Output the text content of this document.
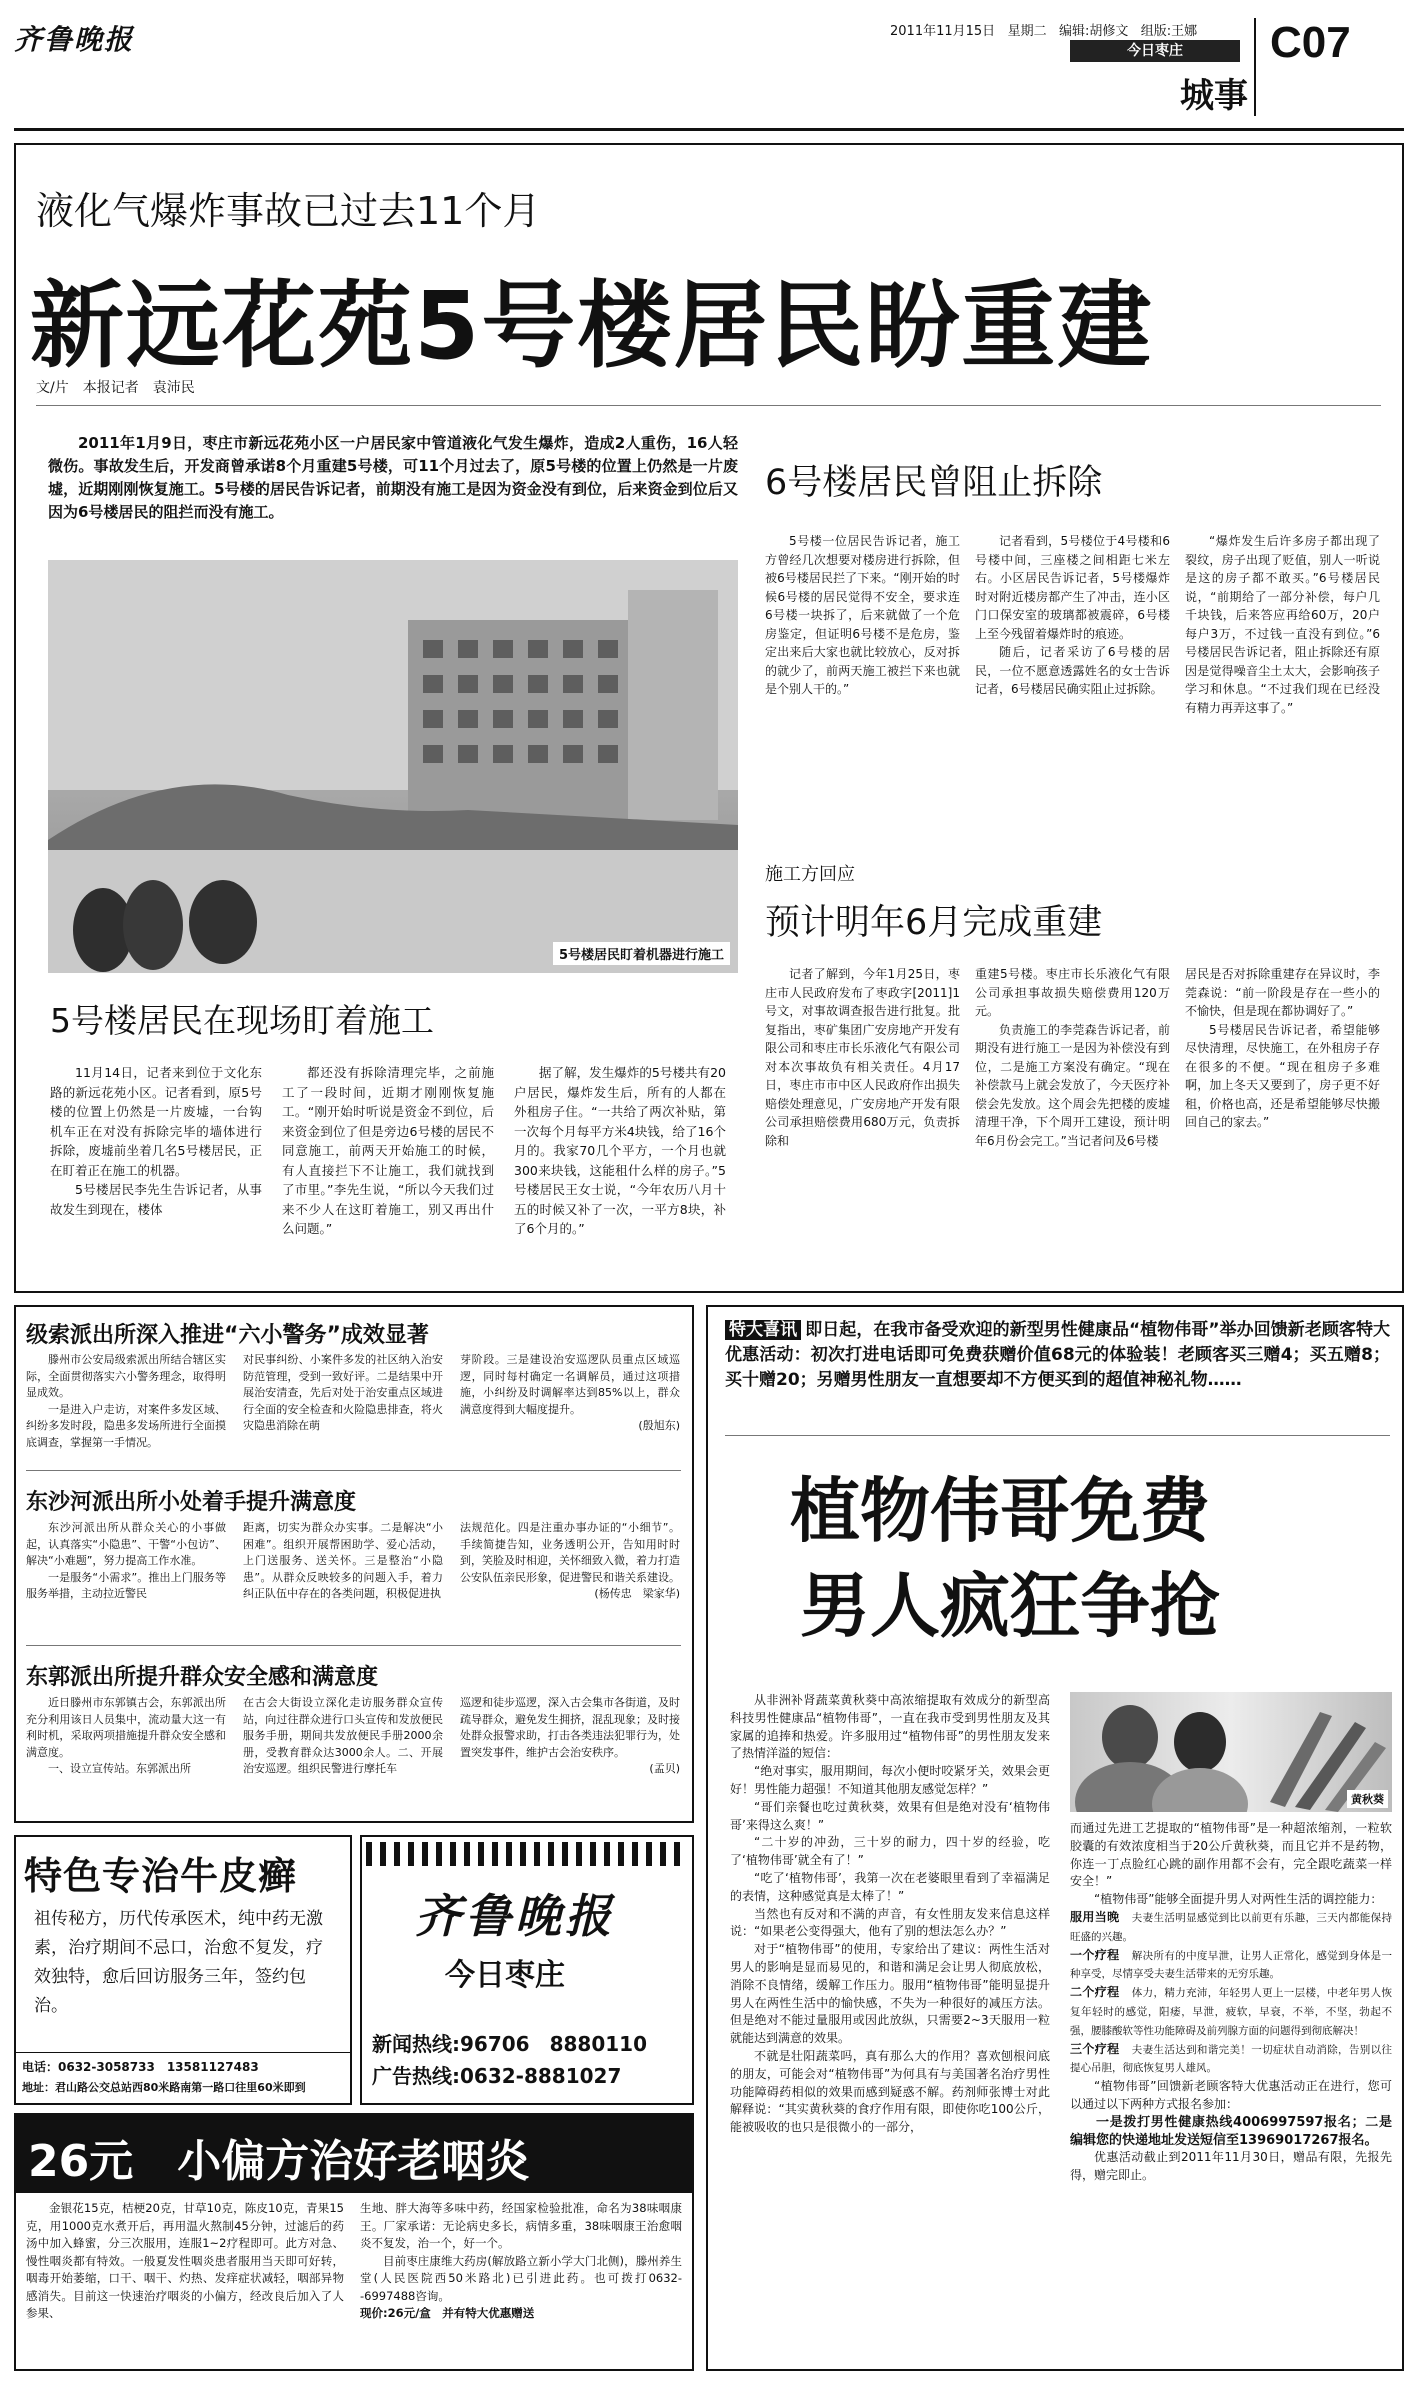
齐鲁晚报	2011年11月15日 星期二 编辑:胡修文 组版:王娜
今日枣庄
城事
C07
液化气爆炸事故已过去11个月
新远花苑5号楼居民盼重建
文/片　本报记者　袁沛民

2011年1月9日，枣庄市新远花苑小区一户居民家中管道液化气发生爆炸，造成2人重伤，16人轻微伤。事故发生后，开发商曾承诺8个月重建5号楼，可11个月过去了，原5号楼的位置上仍然是一片废墟，近期刚刚恢复施工。5号楼的居民告诉记者，前期没有施工是因为资金没有到位，后来资金到位后又因为6号楼居民的阻拦而没有施工。

5号楼居民盯着机器进行施工
5号楼居民在现场盯着施工

11月14日，记者来到位于文化东路的新远花苑小区。记者看到，原5号楼的位置上仍然是一片废墟，一台钩机车正在对没有拆除完毕的墙体进行拆除，废墟前坐着几名5号楼居民，正在盯着正在施工的机器。

5号楼居民李先生告诉记者，从事故发生到现在，楼体

都还没有拆除清理完毕，之前施工了一段时间，近期才刚刚恢复施工。“刚开始时听说是资金不到位，后来资金到位了但是旁边6号楼的居民不同意施工，前两天开始施工的时候，有人直接拦下不让施工，我们就找到了市里。”李先生说，“所以今天我们过来不少人在这盯着施工，别又再出什么问题。”

据了解，发生爆炸的5号楼共有20户居民，爆炸发生后，所有的人都在外租房子住。“一共给了两次补贴，第一次每个月每平方米4块钱，给了16个月的。我家70几个平方，一个月也就300来块钱，这能租什么样的房子。”5号楼居民王女士说，“今年农历八月十五的时候又补了一次，一平方8块，补了6个月的。”

6号楼居民曾阻止拆除

5号楼一位居民告诉记者，施工方曾经几次想要对楼房进行拆除，但被6号楼居民拦了下来。“刚开始的时候6号楼的居民觉得不安全，要求连6号楼一块拆了，后来就做了一个危房鉴定，但证明6号楼不是危房，鉴定出来后大家也就比较放心，反对拆的就少了，前两天施工被拦下来也就是个别人干的。”

记者看到，5号楼位于4号楼和6号楼中间，三座楼之间相距七米左右。小区居民告诉记者，5号楼爆炸时对附近楼房都产生了冲击，连小区门口保安室的玻璃都被震碎，6号楼上至今残留着爆炸时的痕迹。

随后，记者采访了6号楼的居民，一位不愿意透露姓名的女士告诉记者，6号楼居民确实阻止过拆除。

“爆炸发生后许多房子都出现了裂纹，房子出现了贬值，别人一听说是这的房子都不敢买。”6号楼居民说，“前期给了一部分补偿，每户几千块钱，后来答应再给60万，20户每户3万，不过钱一直没有到位。”6号楼居民告诉记者，阻止拆除还有原因是觉得噪音尘土太大，会影响孩子学习和休息。“不过我们现在已经没有精力再弄这事了。”

施工方回应
预计明年6月完成重建

记者了解到，今年1月25日，枣庄市人民政府发布了枣政字[2011]1号文，对事故调查报告进行批复。批复指出，枣矿集团广安房地产开发有限公司和枣庄市长乐液化气有限公司对本次事故负有相关责任。4月17日，枣庄市市中区人民政府作出损失赔偿处理意见，广安房地产开发有限公司承担赔偿费用680万元，负责拆除和

重建5号楼。枣庄市长乐液化气有限公司承担事故损失赔偿费用120万元。

负责施工的李莞森告诉记者，前期没有进行施工一是因为补偿没有到位，二是施工方案没有确定。“现在补偿款马上就会发放了，今天医疗补偿会先发放。这个周会先把楼的废墟清理干净，下个周开工建设，预计明年6月份会完工。”当记者问及6号楼

居民是否对拆除重建存在异议时，李莞森说：“前一阶段是存在一些小的不愉快，但是现在都协调好了。”

5号楼居民告诉记者，希望能够尽快清理，尽快施工，在外租房子存在很多的不便。“现在租房子多难啊，加上冬天又要到了，房子更不好租，价格也高，还是希望能够尽快搬回自己的家去。”

级索派出所深入推进“六小警务”成效显著

滕州市公安局级索派出所结合辖区实际，全面贯彻落实六小警务理念，取得明显成效。

一是进入户走访，对案件多发区域、纠纷多发时段，隐患多发场所进行全面摸底调查，掌握第一手情况。

对民事纠纷、小案件多发的社区纳入治安防范管理，受到一致好评。二是结果中开展治安清查，先后对处于治安重点区域进行全面的安全检查和火险隐患排查，将火灾隐患消除在萌

芽阶段。三是建设治安巡逻队员重点区域巡逻，同时每村确定一名调解员，通过这项措施，小纠纷及时调解率达到85%以上，群众满意度得到大幅度提升。

(殷旭东)
东沙河派出所小处着手提升满意度

东沙河派出所从群众关心的小事做起，认真落实“小隐患”、干警“小包访”、解决“小难题”，努力提高工作水准。

一是服务“小需求”。推出上门服务等服务举措，主动拉近警民

距离，切实为群众办实事。二是解决“小困难”。组织开展帮困助学、爱心活动，上门送服务、送关怀。三是整治“小隐患”。从群众反映较多的问题入手，着力纠正队伍中存在的各类问题，积极促进执

法规范化。四是注重办事办证的“小细节”。手续简捷告知，业务透明公开，告知用时时到，笑脸及时相迎，关怀细致入微，着力打造公安队伍亲民形象，促进警民和谐关系建设。

(杨传忠　梁家华)
东郭派出所提升群众安全感和满意度

近日滕州市东郭镇古会，东郭派出所充分利用该日人员集中，流动量大这一有利时机，采取两项措施提升群众安全感和满意度。

一、设立宣传站。东郭派出所

在古会大街设立深化走访服务群众宣传站，向过往群众进行口头宣传和发放便民服务手册，期间共发放便民手册2000余册，受教育群众达3000余人。二、开展治安巡逻。组织民警进行摩托车

巡逻和徒步巡逻，深入古会集市各街道，及时疏导群众，避免发生拥挤，混乱现象；及时接处群众报警求助，打击各类违法犯罪行为，处置突发事件，维护古会治安秩序。

(孟贝)
特色专治牛皮癣
祖传秘方，历代传承医术，纯中药无激素，治疗期间不忌口，治愈不复发，疗效独特，愈后回访服务三年，签约包治。
电话：0632-3058733　13581127483
地址：君山路公交总站西80米路南第一路口往里60米即到
齐鲁晚报
今日枣庄
新闻热线:96706　8880110
广告热线:0632-8881027
26元　小偏方治好老咽炎

金银花15克，桔梗20克，甘草10克，陈皮10克，青果15克，用1000克水煮开后，再用温火熬制45分钟，过滤后的药汤中加入蜂蜜，分三次服用，连服1~2疗程即可。此方对急、慢性咽炎都有特效。一般夏发性咽炎患者服用当天即可好转，咽毒开始萎缩，口干、咽干、灼热、发痒症状减轻，咽部异物感消失。目前这一快速治疗咽炎的小偏方，经改良后加入了人参果、

生地、胖大海等多味中药，经国家检验批准，命名为38味咽康王。厂家承诺：无论病史多长，病情多重，38味咽康王治愈咽炎不复发，治一个，好一个。

目前枣庄康维大药房(解放路立新小学大门北侧)，滕州养生堂(人民医院西50米路北)已引进此药。也可拨打0632--6997488咨询。

现价:26元/盒　并有特大优惠赠送
特大喜讯 即日起，在我市备受欢迎的新型男性健康品“植物伟哥”举办回馈新老顾客特大优惠活动：初次打进电话即可免费获赠价值68元的体验装！老顾客买三赠4；买五赠8；买十赠20；另赠男性朋友一直想要却不方便买到的超值神秘礼物……
植物伟哥免费
男人疯狂争抢

从非洲补肾蔬菜黄秋葵中高浓缩提取有效成分的新型高科技男性健康品“植物伟哥”，一直在我市受到男性朋友及其家属的追捧和热爱。许多服用过“植物伟哥”的男性朋友发来了热情洋溢的短信：

“绝对事实，服用期间，每次小便时咬紧牙关，效果会更好！男性能力超强！不知道其他朋友感觉怎样？”

“哥们亲餐也吃过黄秋葵，效果有但是绝对没有‘植物伟哥’来得这么爽！”

“二十岁的冲劲，三十岁的耐力，四十岁的经验，吃了‘植物伟哥’就全有了！”

“吃了‘植物伟哥’，我第一次在老婆眼里看到了幸福满足的表情，这种感觉真是太棒了！”

当然也有反对和不满的声音，有女性朋友发来信息这样说：“如果老公变得强大，他有了别的想法怎么办？”

对于“植物伟哥”的使用，专家给出了建议：两性生活对男人的影响是显而易见的，和谐和满足会让男人彻底放松，消除不良情绪，缓解工作压力。服用“植物伟哥”能明显提升男人在两性生活中的愉快感，不失为一种很好的减压方法。但是绝对不能过量服用或因此放纵，只需要2~3天服用一粒就能达到满意的效果。

不就是壮阳蔬菜吗，真有那么大的作用？喜欢刨根问底的朋友，可能会对“植物伟哥”为何具有与美国著名治疗男性功能障碍药相似的效果而感到疑惑不解。药剂师张博士对此解释说：“其实黄秋葵的食疗作用有限，即使你吃100公斤，能被吸收的也只是很微小的一部分，

黄秋葵

而通过先进工艺提取的“植物伟哥”是一种超浓缩剂，一粒软胶囊的有效浓度相当于20公斤黄秋葵，而且它并不是药物，你连一丁点脸红心跳的副作用都不会有，完全跟吃蔬菜一样安全！”

“植物伟哥”能够全面提升男人对两性生活的调控能力：

服用当晚　 夫妻生活明显感觉到比以前更有乐趣，三天内都能保持旺盛的兴趣。

一个疗程　 解决所有的中度早泄，让男人正常化，感觉到身体是一种享受，尽情享受夫妻生活带来的无穷乐趣。

二个疗程　 体力，精力充沛，年轻男人更上一层楼，中老年男人恢复年轻时的感觉，阳痿，早泄，疲软，早衰，不举，不坚，勃起不强，腰膝酸软等性功能障碍及前列腺方面的问题得到彻底解决！

三个疗程　 夫妻生活达到和谐完美！一切症状自动消除，告别以往提心吊胆，彻底恢复男人雄风。

“植物伟哥”回馈新老顾客特大优惠活动正在进行，您可以通过以下两种方式报名参加：

一是拨打男性健康热线4006997597报名；二是编辑您的快递地址发送短信至13969017267报名。

优惠活动截止到2011年11月30日，赠品有限，先报先得，赠完即止。
